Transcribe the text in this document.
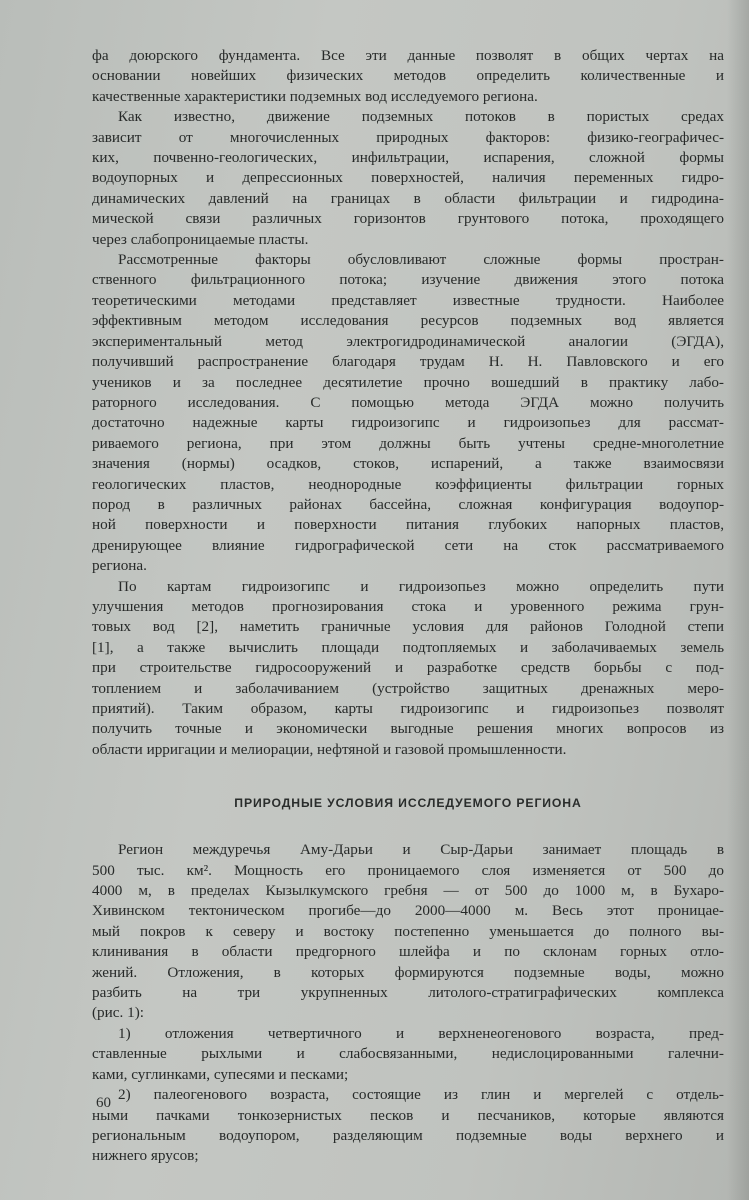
фа доюрского фундамента. Все эти данные позволят в общих чертах на
основании новейших физических методов определить количественные и
качественные характеристики подземных вод исследуемого региона.
Как известно, движение подземных потоков в пористых средах
зависит от многочисленных природных факторов: физико-географичес-
ких, почвенно-геологических, инфильтрации, испарения, сложной формы
водоупорных и депрессионных поверхностей, наличия переменных гидро-
динамических давлений на границах в области фильтрации и гидродина-
мической связи различных горизонтов грунтового потока, проходящего
через слабопроницаемые пласты.
Рассмотренные факторы обусловливают сложные формы простран-
ственного фильтрационного потока; изучение движения этого потока
теоретическими методами представляет известные трудности. Наиболее
эффективным методом исследования ресурсов подземных вод является
экспериментальный метод электрогидродинамической аналогии (ЭГДА),
получивший распространение благодаря трудам Н. Н. Павловского и его
учеников и за последнее десятилетие прочно вошедший в практику лабо-
раторного исследования. С помощью метода ЭГДА можно получить
достаточно надежные карты гидроизогипс и гидроизопьез для рассмат-
риваемого региона, при этом должны быть учтены средне-многолетние
значения (нормы) осадков, стоков, испарений, а также взаимосвязи
геологических пластов, неоднородные коэффициенты фильтрации горных
пород в различных районах бассейна, сложная конфигурация водоупор-
ной поверхности и поверхности питания глубоких напорных пластов,
дренирующее влияние гидрографической сети на сток рассматриваемого
региона.
По картам гидроизогипс и гидроизопьез можно определить пути
улучшения методов прогнозирования стока и уровенного режима грун-
товых вод [2], наметить граничные условия для районов Голодной степи
[1], а также вычислить площади подтопляемых и заболачиваемых земель
при строительстве гидросооружений и разработке средств борьбы с под-
топлением и заболачиванием (устройство защитных дренажных меро-
приятий). Таким образом, карты гидроизогипс и гидроизопьез позволят
получить точные и экономически выгодные решения многих вопросов из
области ирригации и мелиорации, нефтяной и газовой промышленности.
ПРИРОДНЫЕ УСЛОВИЯ ИССЛЕДУЕМОГО РЕГИОНА
Регион междуречья Аму-Дарьи и Сыр-Дарьи занимает площадь в
500 тыс. км². Мощность его проницаемого слоя изменяется от 500 до
4000 м, в пределах Кызылкумского гребня — от 500 до 1000 м, в Бухаро-
Хивинском тектоническом прогибе—до 2000—4000 м. Весь этот проницае-
мый покров к северу и востоку постепенно уменьшается до полного вы-
клинивания в области предгорного шлейфа и по склонам горных отло-
жений. Отложения, в которых формируются подземные воды, можно
разбить на три укрупненных литолого-стратиграфических комплекса
(рис. 1):
1) отложения четвертичного и верхненеогенового возраста, пред-
ставленные рыхлыми и слабосвязанными, недислоцированными галечни-
ками, суглинками, супесями и песками;
2) палеогенового возраста, состоящие из глин и мергелей с отдель-
ными пачками тонкозернистых песков и песчаников, которые являются
региональным водоупором, разделяющим подземные воды верхнего и
нижнего ярусов;
60
